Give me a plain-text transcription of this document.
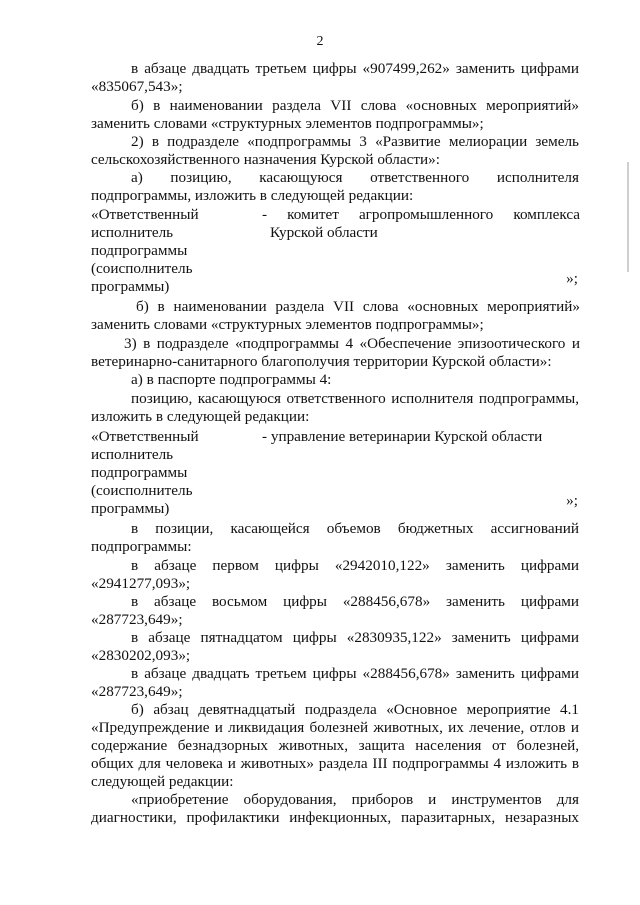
2
в абзаце двадцать третьем цифры «907499,262» заменить цифрами
«835067,543»;
б) в наименовании раздела VII слова «основных мероприятий»
заменить словами «структурных элементов подпрограммы»;
2) в подразделе «подпрограммы 3 «Развитие мелиорации земель
сельскохозяйственного назначения Курской области»:
а) позицию, касающуюся ответственного исполнителя
подпрограммы, изложить в следующей редакции:
«Ответственный
исполнитель
подпрограммы
(соисполнитель
программы)
- комитет агропромышленного комплекса
Курской области
»;
б) в наименовании раздела VII слова «основных мероприятий»
заменить словами «структурных элементов подпрограммы»;
3) в подразделе «подпрограммы 4 «Обеспечение эпизоотического и
ветеринарно-санитарного благополучия территории Курской области»:
а) в паспорте подпрограммы 4:
позицию, касающуюся ответственного исполнителя подпрограммы,
изложить в следующей редакции:
«Ответственный
исполнитель
подпрограммы
(соисполнитель
программы)
- управление ветеринарии Курской области
»;
в позиции, касающейся объемов бюджетных ассигнований
подпрограммы:
в абзаце первом цифры «2942010,122» заменить цифрами
«2941277,093»;
в абзаце восьмом цифры «288456,678» заменить цифрами
«287723,649»;
в абзаце пятнадцатом цифры «2830935,122» заменить цифрами
«2830202,093»;
в абзаце двадцать третьем цифры «288456,678» заменить цифрами
«287723,649»;
б) абзац девятнадцатый подраздела «Основное мероприятие 4.1
«Предупреждение и ликвидация болезней животных, их лечение, отлов и
содержание безнадзорных животных, защита населения от болезней,
общих для человека и животных» раздела III подпрограммы 4 изложить в
следующей редакции:
«приобретение оборудования, приборов и инструментов для
диагностики, профилактики инфекционных, паразитарных, незаразных
